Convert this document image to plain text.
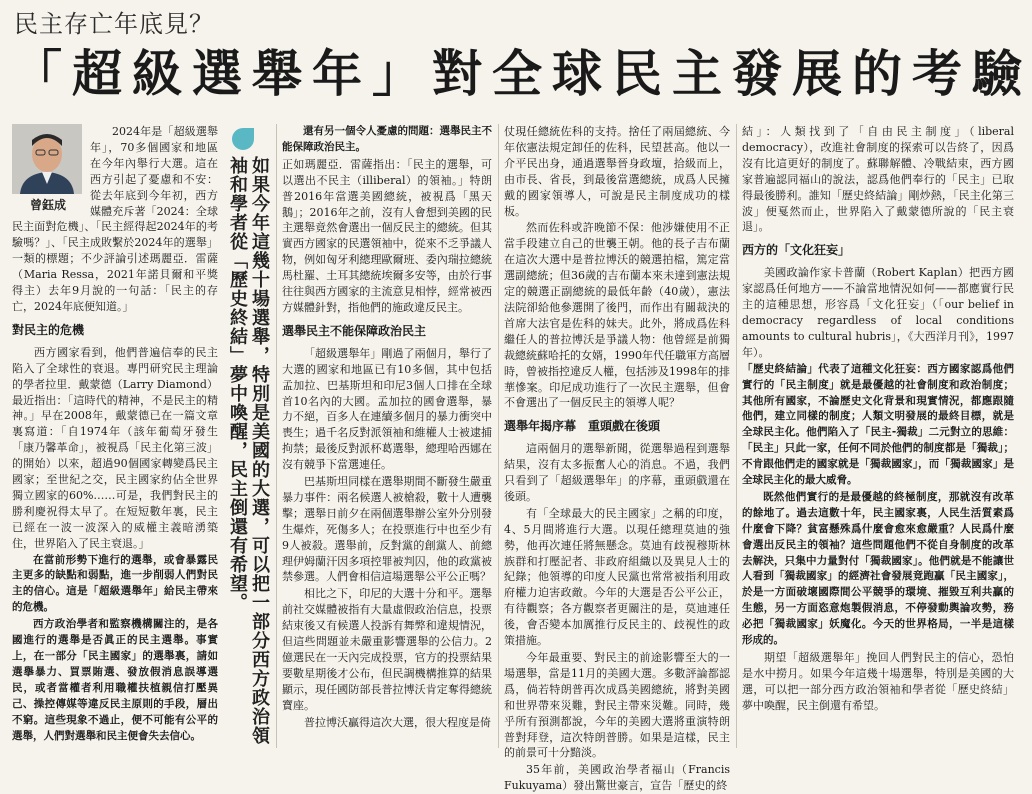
民主存亡年底見？
「超級選舉年」對全球民主發展的考驗
曾鈺成

2024年是「超級選舉年」，70多個國家和地區在今年內舉行大選。這在西方引起了憂慮和不安：從去年底到今年初，西方媒體充斥著「2024：全球民主面對危機」、「民主經得起2024年的考驗嗎？」、「民主成敗繫於2024年的選舉」一類的標題；不少評論引述瑪麗亞．雷薩（Maria Ressa，2021年諾貝爾和平獎得主）去年9月說的一句話：「民主的存亡，2024年底便知道。」

對民主的危機

西方國家看到，他們普遍信奉的民主陷入了全球性的衰退。專門研究民主理論的學者拉里．戴蒙德（Larry Diamond）最近指出：「這時代的精神，不是民主的精神。」早在2008年，戴蒙德已在一篇文章裏寫道：「自1974年（該年葡萄牙發生「康乃馨革命」，被視爲「民主化第三波」的開始）以來，超過90個國家轉變爲民主國家；至世紀之交，民主國家約佔全世界獨立國家的60%……可是，我們對民主的勝利慶祝得太早了。在短短數年裏，民主已經在一波一波深入的威權主義暗湧築住，世界陷入了民主衰退。」

在當前形勢下進行的選舉，或會暴露民主更多的缺點和弱點，進一步削弱人們對民主的信心。這是「超級選舉年」給民主帶來的危機。

西方政治學者和監察機構關注的，是各國進行的選舉是否眞正的民主選舉。事實上，在一部分「民主國家」的選舉裏，請如選擧暴力、買票賄選、發放假消息誤導選民，或者當權者利用職權扶植親信打壓異己、操控傳媒等違反民主原則的手段，層出不窮。這些現象不過止，便不可能有公平的選舉，人們對選舉和民主便會失去信心。	如果今年這幾十場選舉，特別是美國的大選，可以把一部分西方政治領袖和學者從「歷史終結」夢中喚醒，民主倒還有希望。

還有另一個令人憂慮的問題：選舉民主不能保障政治民主。

正如瑪麗亞．雷薩指出：「民主的選舉，可以選出不民主（illiberal）的領袖。」特朗普2016年當選美國總統，被視爲「黑天鵝」；2016年之前，沒有人會想到美國的民主選舉竟然會選出一個反民主的總統。但其實西方國家的民選領袖中，從來不乏爭議人物，例如匈牙利總理歐爾班、委內瑞拉總統馬杜羅、土耳其總統埃爾多安等，由於行事往往與西方國家的主流意見相悖，經常被西方媒體針對，指他們的施政違反民主。

選舉民主不能保障政治民主

「超級選舉年」剛過了兩個月，舉行了大選的國家和地區已有10多個，其中包括孟加拉、巴基斯坦和印尼3個人口排在全球首10名內的大國。孟加拉的國會選舉，暴力不絕，百多人在連續多個月的暴力衝突中喪生；過千名反對派領袖和維權人士被逮捕拘禁；最後反對派杯葛選舉，總理哈西娜在沒有競爭下當選連任。

巴基斯坦同樣在選舉期間不斷發生嚴重暴力事件：兩名候選人被槍殺，數十人遭襲擊；選舉日前夕在兩個選舉辦公室外分別發生爆炸，死傷多人；在投票進行中也至少有9人被殺。選舉前，反對黨的創黨人、前總理伊姆蘭汗因多項控罪被判囚，他的政黨被禁參選。人們會相信這場選舉公平公正嗎？

相比之下，印尼的大選十分和平。選舉前社交媒體被指有大量虛假政治信息，投票結束後又有候選人投訴有舞弊和違規情況，但這些問題並未嚴重影響選舉的公信力。2億選民在一天內完成投票，官方的投票結果要數星期後才公布，但民調機構推算的結果顯示，現任國防部長普拉博沃肯定奪得總統寶座。

普拉博沃贏得這次大選，很大程度是倚

仗現任總統佐科的支持。捨任了兩屆總統、今年依憲法規定卸任的佐科，民望甚高。他以一介平民出身，通過選舉晉身政壇，拾級而上，由市長、省長，到最後當選總統，成爲人民擁戴的國家領導人，可說是民主制度成功的樣板。

然而佐科或許晚節不保：他涉嫌使用不正當手段建立自己的世襲王朝。他的長子吉布蘭在這次大選中是普拉博沃的競選拍檔，篤定當選副總統；但36歲的吉布蘭本來未達到憲法規定的競選正副總統的最低年齡（40歲），憲法法院卻給他參選開了後門，而作出有關裁決的首席大法官是佐科的妹夫。此外，將成爲佐科繼任人的普拉博沃是爭議人物：他曾經是前獨裁總統蘇哈托的女婿，1990年代任職軍方高層時，曾被指控違反人權，包括涉及1998年的排華慘案。印尼成功進行了一次民主選舉，但會不會選出了一個反民主的領導人呢？

選舉年揭序幕　重頭戲在後頭

這兩個月的選舉新聞，從選舉過程到選舉結果，沒有太多振奮人心的消息。不過，我們只看到了「超級選舉年」的序幕，重頭戲還在後頭。

有「全球最大的民主國家」之稱的印度，4、5月間將進行大選。以現任總理莫迪的強勢，他再次連任將無懸念。莫迪有歧視穆斯林族群和打壓記者、非政府組織以及異見人士的紀錄；他領導的印度人民黨也常常被指利用政府權力迫害政敵。今年的大選是否公平公正，有待觀察；各方觀察者更關注的是，莫迪連任後，會否變本加厲推行反民主的、歧視性的政策措施。

今年最重要、對民主的前途影響至大的一場選舉，當是11月的美國大選。多數評論都認爲，倘若特朗普再次成爲美國總統，將對美國和世界帶來災難，對民主帶來災難。同時，幾乎所有預測都說，今年的美國大選將重演特朗普對拜登，這次特朗普勝。如果是這樣，民主的前景可十分黯淡。

35年前，美國政治學者福山（Francis Fukuyama）發出驚世豪言，宣告「歷史的終

結」：人類找到了「自由民主制度」（liberal democracy），改進社會制度的探索可以告終了，因爲沒有比這更好的制度了。蘇聯解體、冷戰結束，西方國家普遍認同福山的說法，認爲他們奉行的「民主」已取得最後勝利。誰知「歷史終結論」剛炒熱，「民主化第三波」便戛然而止，世界陷入了戴蒙德所說的「民主衰退」。

西方的「文化狂妄」

美國政論作家卡普蘭（Robert Kaplan）把西方國家認爲任何地方——不論當地情況如何——都應實行民主的這種思想，形容爲「文化狂妄」（「our belief in democracy regardless of local conditions amounts to cultural hubris」，《大西洋月刊》，1997年）。

「歷史終結論」代表了這種文化狂妄：西方國家認爲他們實行的「民主制度」就是最優越的社會制度和政治制度；其他所有國家，不論歷史文化背景和現實情況，都應跟隨他們，建立同樣的制度；人類文明發展的最終目標，就是全球民主化。他們陷入了「民主-獨裁」二元對立的思維：「民主」只此一家，任何不同於他們的制度都是「獨裁」；不肯跟他們走的國家就是「獨裁國家」，而「獨裁國家」是全球民主化的最大威脅。

既然他們實行的是最優越的終極制度，那就沒有改革的餘地了。過去這數十年，民主國家裏，人民生活質素爲什麼會下降？貧富懸殊爲什麼會愈來愈嚴重？人民爲什麼會選出反民主的領袖？這些問題他們不從自身制度的改革去解決，只集中力量對付「獨裁國家」。他們就是不能讓世人看到「獨裁國家」的經濟社會發展竟跑贏「民主國家」，於是一方面破壞國際間公平競爭的環境、摧毀互利共贏的生態，另一方面恣意炮製假消息，不停發動輿論攻勢，務必把「獨裁國家」妖魔化。今天的世界格局，一半是這樣形成的。

期望「超級選舉年」挽回人們對民主的信心，恐怕是水中撈月。如果今年這幾十場選舉，特別是美國的大選，可以把一部分西方政治領袖和學者從「歷史終結」夢中喚醒，民主倒還有希望。
